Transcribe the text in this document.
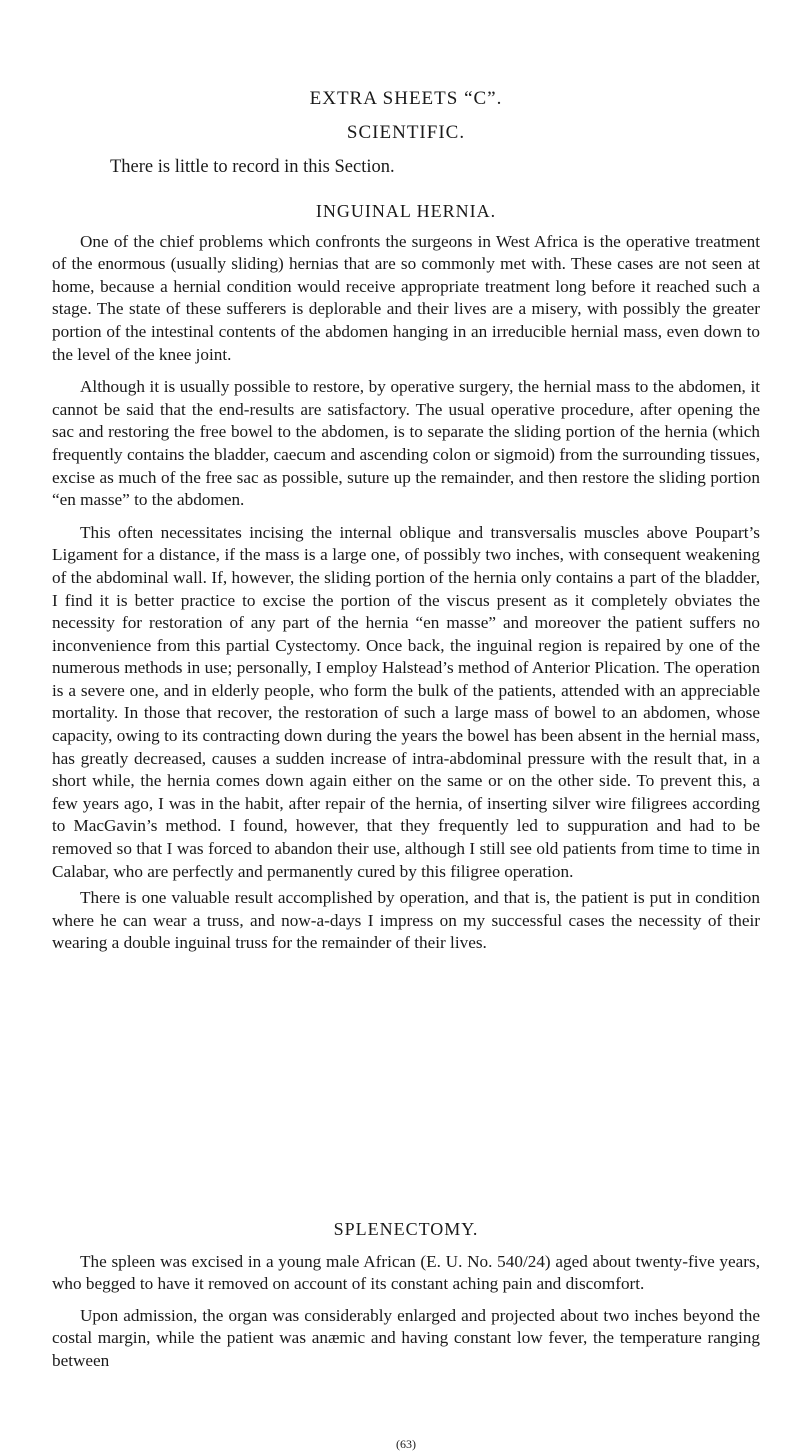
EXTRA SHEETS “C”.
SCIENTIFIC.

There is little to record in this Section.

INGUINAL HERNIA.

One of the chief problems which confronts the surgeons in West Africa is the operative treatment of the enormous (usually sliding) hernias that are so commonly met with. These cases are not seen at home, because a hernial condition would receive appropriate treatment long before it reached such a stage. The state of these sufferers is deplorable and their lives are a misery, with possibly the greater portion of the intestinal contents of the abdomen hanging in an irreducible hernial mass, even down to the level of the knee joint.

Although it is usually possible to restore, by operative surgery, the hernial mass to the abdomen, it cannot be said that the end-results are satisfactory. The usual operative procedure, after opening the sac and restoring the free bowel to the abdomen, is to separate the sliding portion of the hernia (which frequently contains the bladder, caecum and ascending colon or sigmoid) from the surrounding tissues, excise as much of the free sac as possible, suture up the remainder, and then restore the sliding portion “en masse” to the abdomen.

This often necessitates incising the internal oblique and transversalis muscles above Poupart’s Ligament for a distance, if the mass is a large one, of possibly two inches, with consequent weakening of the abdominal wall. If, however, the sliding portion of the hernia only contains a part of the bladder, I find it is better practice to excise the portion of the viscus present as it completely obviates the necessity for restoration of any part of the hernia “en masse” and moreover the patient suffers no inconvenience from this partial Cystectomy. Once back, the inguinal region is repaired by one of the numerous methods in use; personally, I employ Halstead’s method of Anterior Plication. The operation is a severe one, and in elderly people, who form the bulk of the patients, attended with an appreciable mortality. In those that recover, the restoration of such a large mass of bowel to an abdomen, whose capacity, owing to its contracting down during the years the bowel has been absent in the hernial mass, has greatly decreased, causes a sudden increase of intra-abdominal pressure with the result that, in a short while, the hernia comes down again either on the same or on the other side. To prevent this, a few years ago, I was in the habit, after repair of the hernia, of inserting silver wire filigrees according to MacGavin’s method. I found, however, that they frequently led to suppuration and had to be removed so that I was forced to abandon their use, although I still see old patients from time to time in Calabar, who are perfectly and permanently cured by this filigree operation.

There is one valuable result accomplished by operation, and that is, the patient is put in condition where he can wear a truss, and now-a-days I impress on my successful cases the necessity of their wearing a double inguinal truss for the remainder of their lives.

SPLENECTOMY.

The spleen was excised in a young male African (E. U. No. 540/24) aged about twenty-five years, who begged to have it removed on account of its constant aching pain and discomfort.

Upon admission, the organ was considerably enlarged and projected about two inches beyond the costal margin, while the patient was anæmic and having constant low fever, the temperature ranging between

(63)
